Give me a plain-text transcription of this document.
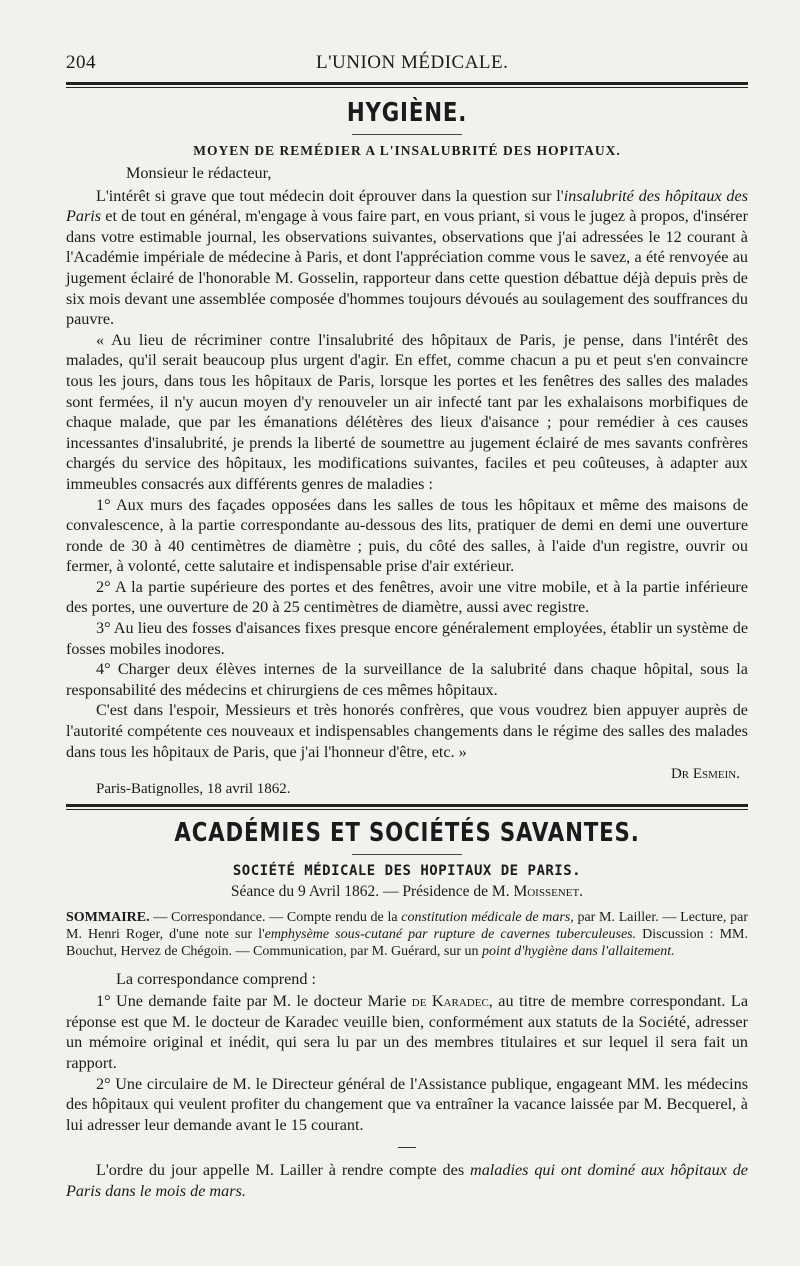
204	L'UNION MÉDICALE.
HYGIÈNE.
MOYEN DE REMÉDIER A L'INSALUBRITÉ DES HOPITAUX.

Monsieur le rédacteur,

L'intérêt si grave que tout médecin doit éprouver dans la question sur l'insalubrité des hôpitaux des Paris et de tout en général, m'engage à vous faire part, en vous priant, si vous le jugez à propos, d'insérer dans votre estimable journal, les observations suivantes, observations que j'ai adressées le 12 courant à l'Académie impériale de médecine à Paris, et dont l'appréciation comme vous le savez, a été renvoyée au jugement éclairé de l'honorable M. Gosselin, rapporteur dans cette question débattue déjà depuis près de six mois devant une assemblée composée d'hommes toujours dévoués au soulagement des souffrances du pauvre.

« Au lieu de récriminer contre l'insalubrité des hôpitaux de Paris, je pense, dans l'intérêt des malades, qu'il serait beaucoup plus urgent d'agir. En effet, comme chacun a pu et peut s'en convaincre tous les jours, dans tous les hôpitaux de Paris, lorsque les portes et les fenêtres des salles des malades sont fermées, il n'y aucun moyen d'y renouveler un air infecté tant par les exhalaisons morbifiques de chaque malade, que par les émanations délétères des lieux d'aisance ; pour remédier à ces causes incessantes d'insalubrité, je prends la liberté de soumettre au jugement éclairé de mes savants confrères chargés du service des hôpitaux, les modifications suivantes, faciles et peu coûteuses, à adapter aux immeubles consacrés aux différents genres de maladies :

1° Aux murs des façades opposées dans les salles de tous les hôpitaux et même des maisons de convalescence, à la partie correspondante au-dessous des lits, pratiquer de demi en demi une ouverture ronde de 30 à 40 centimètres de diamètre ; puis, du côté des salles, à l'aide d'un registre, ouvrir ou fermer, à volonté, cette salutaire et indispensable prise d'air extérieur.

2° A la partie supérieure des portes et des fenêtres, avoir une vitre mobile, et à la partie inférieure des portes, une ouverture de 20 à 25 centimètres de diamètre, aussi avec registre.

3° Au lieu des fosses d'aisances fixes presque encore généralement employées, établir un système de fosses mobiles inodores.

4° Charger deux élèves internes de la surveillance de la salubrité dans chaque hôpital, sous la responsabilité des médecins et chirurgiens de ces mêmes hôpitaux.

C'est dans l'espoir, Messieurs et très honorés confrères, que vous voudrez bien appuyer auprès de l'autorité compétente ces nouveaux et indispensables changements dans le régime des salles des malades dans tous les hôpitaux de Paris, que j'ai l'honneur d'être, etc. »

Dr Esmein.
Paris-Batignolles, 18 avril 1862.
ACADÉMIES ET SOCIÉTÉS SAVANTES.
SOCIÉTÉ MÉDICALE DES HOPITAUX DE PARIS.
Séance du 9 Avril 1862. — Présidence de M. Moissenet.
SOMMAIRE. — Correspondance. — Compte rendu de la constitution médicale de mars, par M. Lailler. — Lecture, par M. Henri Roger, d'une note sur l'emphysème sous-cutané par rupture de cavernes tuberculeuses. Discussion : MM. Bouchut, Hervez de Chégoin. — Communication, par M. Guérard, sur un point d'hygiène dans l'allaitement.
La correspondance comprend :

1° Une demande faite par M. le docteur Marie de Karadec, au titre de membre correspondant. La réponse est que M. le docteur de Karadec veuille bien, conformément aux statuts de la Société, adresser un mémoire original et inédit, qui sera lu par un des membres titulaires et sur lequel il sera fait un rapport.

2° Une circulaire de M. le Directeur général de l'Assistance publique, engageant MM. les médecins des hôpitaux qui veulent profiter du changement que va entraîner la vacance laissée par M. Becquerel, à lui adresser leur demande avant le 15 courant.

L'ordre du jour appelle M. Lailler à rendre compte des maladies qui ont dominé aux hôpitaux de Paris dans le mois de mars.
